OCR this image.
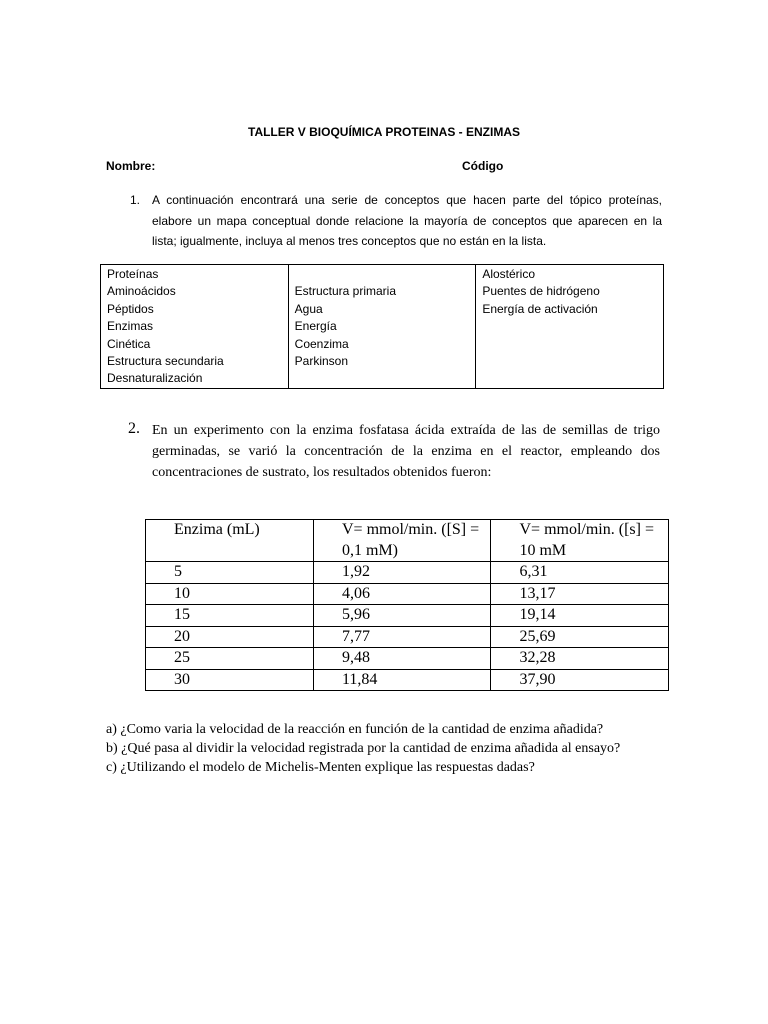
TALLER V BIOQUÍMICA PROTEINAS - ENZIMAS
Nombre:	Código
1. A continuación encontrará una serie de conceptos que hacen parte del tópico proteínas,
elabore un mapa conceptual donde relacione la mayoría de conceptos que aparecen en la
lista; igualmente, incluya al menos tres conceptos que no están en la lista.
Proteínas
Aminoácidos
Péptidos
Enzimas
Cinética
Estructura secundaria
Desnaturalización

Estructura primaria
Agua
Energía
Coenzima
Parkinson

Alostérico
Puentes de hidrógeno
Energía de activación
2. En un experimento con la enzima fosfatasa ácida extraída de las de semillas de trigo
germinadas, se varió la concentración de la enzima en el reactor, empleando dos
concentraciones de sustrato, los resultados obtenidos fueron:
Enzima (mL)	V= mmol/min. ([S] = 0,1 mM)	V= mmol/min. ([s] = 10 mM
5	1,92	6,31
10	4,06	13,17
15	5,96	19,14
20	7,77	25,69
25	9,48	32,28
30	11,84	37,90
a) ¿Como varia la velocidad de la reacción en función de la cantidad de enzima añadida?
b) ¿Qué pasa al dividir la velocidad registrada por la cantidad de enzima añadida al ensayo?
c) ¿Utilizando el modelo de Michelis-Menten explique las respuestas dadas?
